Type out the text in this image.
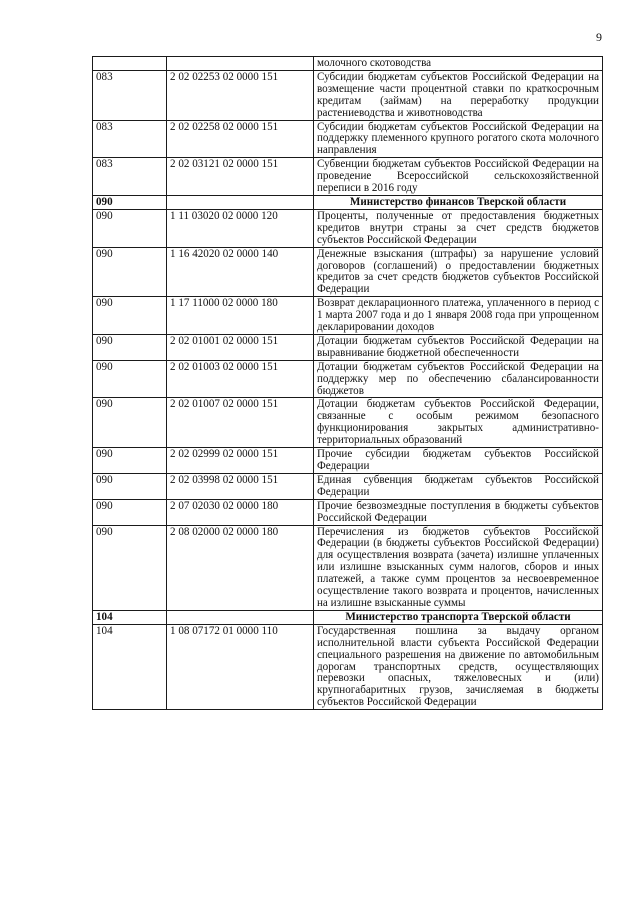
9
		молочного скотоводства
083	2 02 02253 02 0000 151	Субсидии бюджетам субъектов Российской Федерации на возмещение части процентной ставки по краткосрочным кредитам (займам) на переработку продукции растениеводства и животноводства
083	2 02 02258 02 0000 151	Субсидии бюджетам субъектов Российской Федерации на поддержку племенного крупного рогатого скота молочного направления
083	2 02 03121 02 0000 151	Субвенции бюджетам субъектов Российской Федерации на проведение Всероссийской сельскохозяйственной переписи в 2016 году
090		Министерство финансов Тверской области
090	1 11 03020 02 0000 120	Проценты, полученные от предоставления бюджетных кредитов внутри страны за счет средств бюджетов субъектов Российской Федерации
090	1 16 42020 02 0000 140	Денежные взыскания (штрафы) за нарушение условий договоров (соглашений) о предоставлении бюджетных кредитов за счет средств бюджетов субъектов Российской Федерации
090	1 17 11000 02 0000 180	Возврат декларационного платежа, уплаченного в период с 1 марта 2007 года и до 1 января 2008 года при упрощенном декларировании доходов
090	2 02 01001 02 0000 151	Дотации бюджетам субъектов Российской Федерации на выравнивание бюджетной обеспеченности
090	2 02 01003 02 0000 151	Дотации бюджетам субъектов Российской Федерации на поддержку мер по обеспечению сбалансированности бюджетов
090	2 02 01007 02 0000 151	Дотации бюджетам субъектов Российской Федерации, связанные с особым режимом безопасного функционирования закрытых административно-территориальных образований
090	2 02 02999 02 0000 151	Прочие субсидии бюджетам субъектов Российской Федерации
090	2 02 03998 02 0000 151	Единая субвенция бюджетам субъектов Российской Федерации
090	2 07 02030 02 0000 180	Прочие безвозмездные поступления в бюджеты субъектов Российской Федерации
090	2 08 02000 02 0000 180	Перечисления из бюджетов субъектов Российской Федерации (в бюджеты субъектов Российской Федерации) для осуществления возврата (зачета) излишне уплаченных или излишне взысканных сумм налогов, сборов и иных платежей, а также сумм процентов за несвоевременное осуществление такого возврата и процентов, начисленных на излишне взысканные суммы
104		Министерство транспорта Тверской области
104	1 08 07172 01 0000 110	Государственная пошлина за выдачу органом исполнительной власти субъекта Российской Федерации специального разрешения на движение по автомобильным дорогам транспортных средств, осуществляющих перевозки опасных, тяжеловесных и (или) крупногабаритных грузов, зачисляемая в бюджеты субъектов Российской Федерации
